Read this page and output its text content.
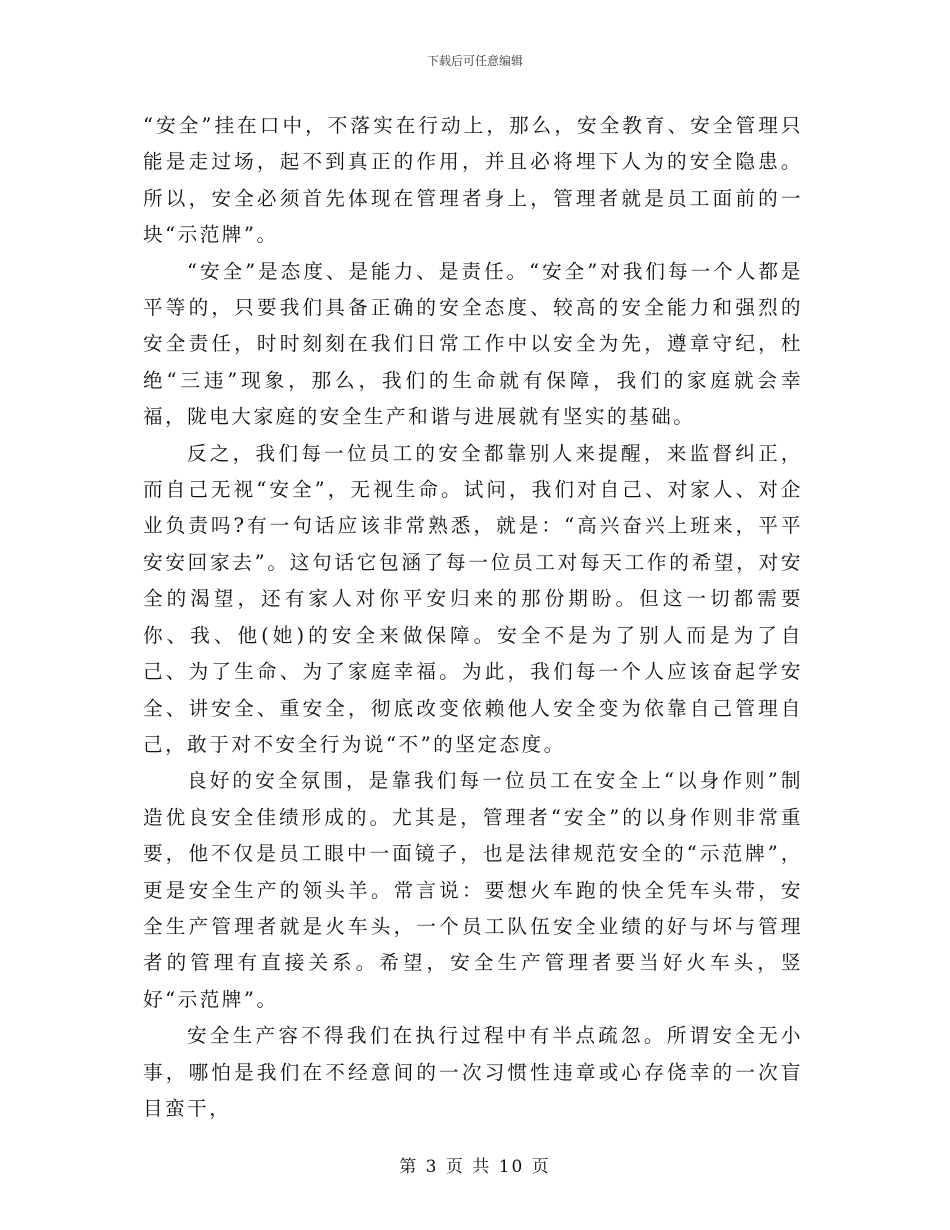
下载后可任意编辑

“安全”挂在口中，不落实在行动上，那么，安全教育、安全管理只能是走过场，起不到真正的作用，并且必将埋下人为的安全隐患。所以，安全必须首先体现在管理者身上，管理者就是员工面前的一块“示范牌”。

“安全”是态度、是能力、是责任。“安全”对我们每一个人都是平等的，只要我们具备正确的安全态度、较高的安全能力和强烈的安全责任，时时刻刻在我们日常工作中以安全为先，遵章守纪，杜绝“三违”现象，那么，我们的生命就有保障，我们的家庭就会幸福，陇电大家庭的安全生产和谐与进展就有坚实的基础。

反之，我们每一位员工的安全都靠别人来提醒，来监督纠正，而自己无视“安全”，无视生命。试问，我们对自己、对家人、对企业负责吗?有一句话应该非常熟悉，就是：“高兴奋兴上班来，平平安安回家去”。这句话它包涵了每一位员工对每天工作的希望，对安全的渴望，还有家人对你平安归来的那份期盼。但这一切都需要你、我、他(她)的安全来做保障。安全不是为了别人而是为了自己、为了生命、为了家庭幸福。为此，我们每一个人应该奋起学安全、讲安全、重安全，彻底改变依赖他人安全变为依靠自己管理自己，敢于对不安全行为说“不”的坚定态度。

良好的安全氛围，是靠我们每一位员工在安全上“以身作则”制造优良安全佳绩形成的。尤其是，管理者“安全”的以身作则非常重要，他不仅是员工眼中一面镜子，也是法律规范安全的“示范牌”，更是安全生产的领头羊。常言说：要想火车跑的快全凭车头带，安全生产管理者就是火车头，一个员工队伍安全业绩的好与坏与管理者的管理有直接关系。希望，安全生产管理者要当好火车头，竖好“示范牌”。

安全生产容不得我们在执行过程中有半点疏忽。所谓安全无小事，哪怕是我们在不经意间的一次习惯性违章或心存侥幸的一次盲目蛮干，

第 3 页 共 10 页
